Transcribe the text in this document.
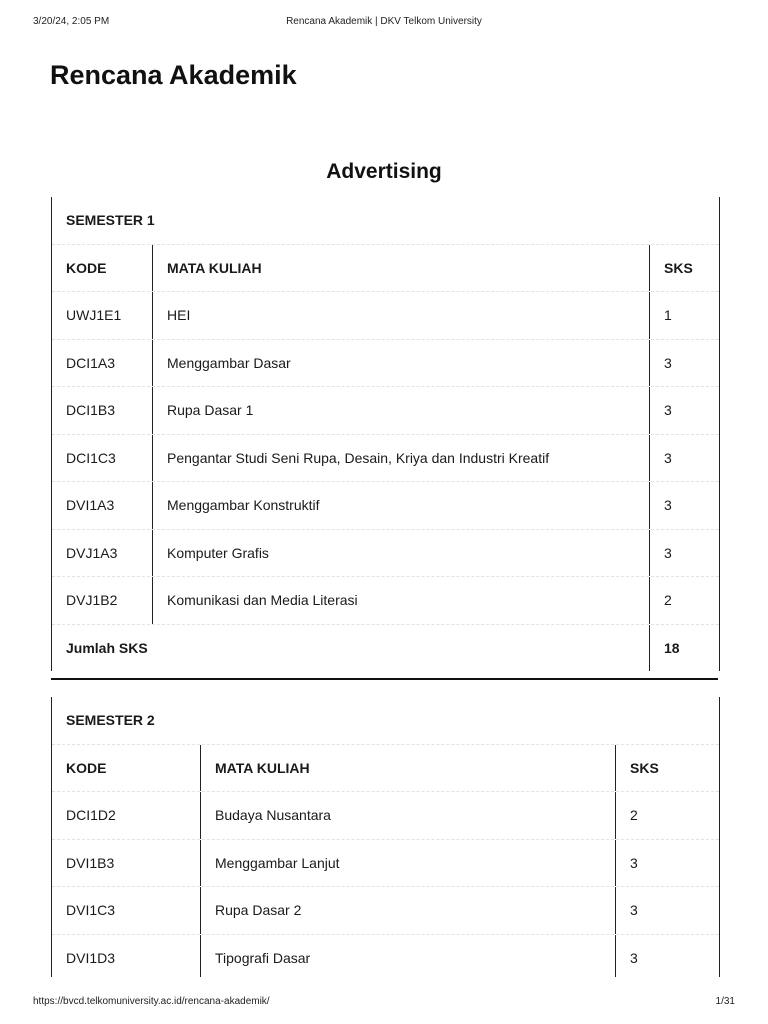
3/20/24, 2:05 PM	Rencana Akademik | DKV Telkom University
Rencana Akademik
Advertising
SEMESTER 1
KODE	MATA KULIAH	SKS
UWJ1E1	HEI	1
DCI1A3	Menggambar Dasar	3
DCI1B3	Rupa Dasar 1	3
DCI1C3	Pengantar Studi Seni Rupa, Desain, Kriya dan Industri Kreatif	3
DVI1A3	Menggambar Konstruktif	3
DVJ1A3	Komputer Grafis	3
DVJ1B2	Komunikasi dan Media Literasi	2
Jumlah SKS	18
SEMESTER 2
KODE	MATA KULIAH	SKS
DCI1D2	Budaya Nusantara	2
DVI1B3	Menggambar Lanjut	3
DVI1C3	Rupa Dasar 2	3
DVI1D3	Tipografi Dasar	3
https://bvcd.telkomuniversity.ac.id/rencana-akademik/	1/31
